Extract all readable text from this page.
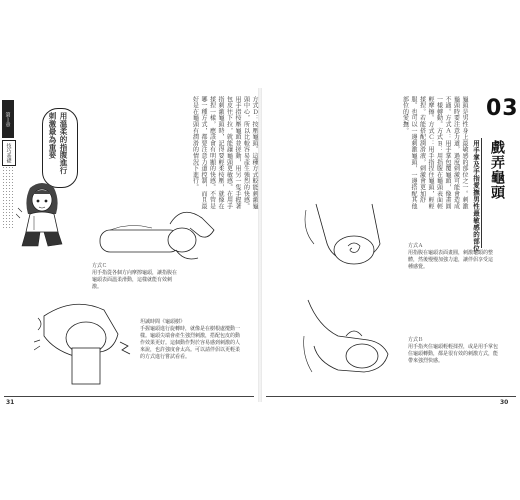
第１章
技巧基礎	用溫柔的指腹進行刺激最為重要	方式Ｄ：按壓龜頭。這種方式較能刺激龜頭中心，所以比較容易產生強烈的快感。用手指按壓龜頭並搓動，用另一隻手握著包皮往下拉，就能讓龜頭更敏感。在用手指刺激龜頭時，記得要輕柔按壓，就像在揉捏一樣，應該會有明顯的快感。不管是哪一種方式，都要注意力道控制，而且最好是在龜頭有潤滑的情況下進行。
方式Ｃ
用手指從各個方向摩擦龜頭，讓指腹在龜頭表面溫柔滑動，這樣就能有效刺激。
坦誠時間《龜頭樹》
手握龜頭進行旋轉時，就像是在樹根處攪動一樣。龜頭尖端會產生強烈刺激，搭配包皮的動作效果更好。這個動作對於容易感到刺激的人來說，也許強度會太高。可以請伴侶以更輕柔的方式進行嘗試看看。
31
03
戲弄龜頭
用手掌及手指愛撫男性最敏感的部位
龜頭是男性身上最敏感的部位之一。刺激龜頭時要注意力道，過度刺激可能會造成不適。方式Ａ：用手掌包覆龜頭，像畫圓一樣轉動。方式Ｂ：用指腹在龜頭表面輕輕摩擦。方式Ｃ：用手指捏住龜頭，輕輕揉捏。若能搭配潤滑液，刺激會更加舒服。也可以一邊刺激龜頭，一邊搭配其他部位的愛撫。
方式Ａ
用指腹在龜頭表面畫圓，刺激龜頭的整體，然後慢慢加強力道，讓伴侶享受這種感覺。
方式Ｂ
用手指夾住龜頭輕輕揉捏，或是用手掌包住龜頭轉動，都是很有效的刺激方式，能帶來強烈快感。
30
